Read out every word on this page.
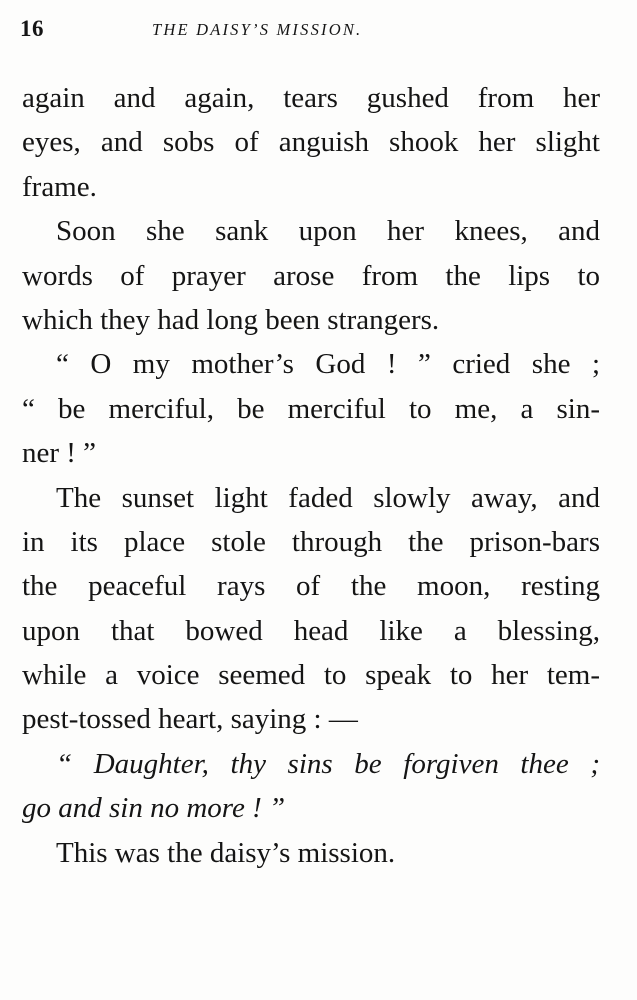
16	THE DAISY’S MISSION.
again and again, tears gushed from her
eyes, and sobs of anguish shook her slight
frame.
Soon she sank upon her knees, and
words of prayer arose from the lips to
which they had long been strangers.
“ O my mother’s God ! ” cried she ;
“ be merciful, be merciful to me, a sin-
ner ! ”
The sunset light faded slowly away, and
in its place stole through the prison-bars
the peaceful rays of the moon, resting
upon that bowed head like a blessing,
while a voice seemed to speak to her tem-
pest-tossed heart, saying : —
“ Daughter, thy sins be forgiven thee ;
go and sin no more ! ”
This was the daisy’s mission.
